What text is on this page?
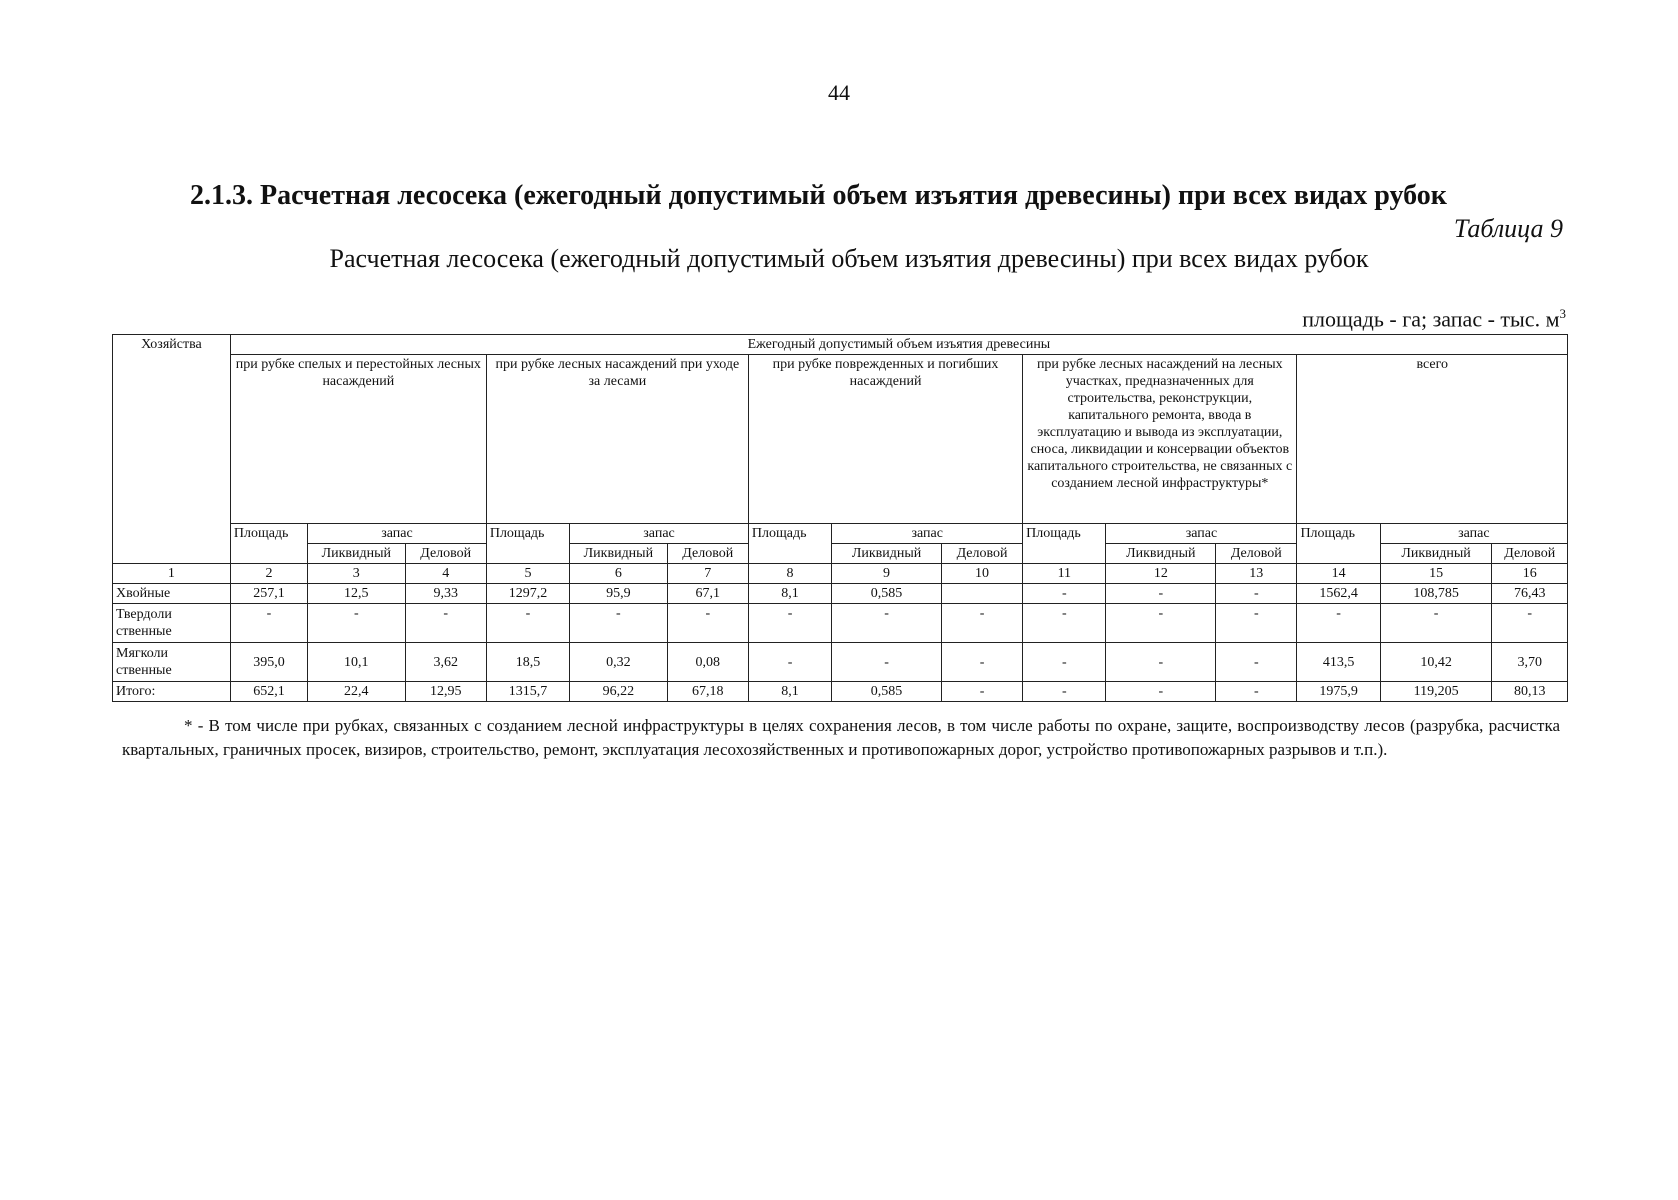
44
2.1.3. Расчетная лесосека (ежегодный допустимый объем изъятия древесины) при всех видах рубок
Таблица 9
Расчетная лесосека (ежегодный допустимый объем изъятия древесины) при всех видах рубок
площадь - га; запас - тыс. $м^3$
Хозяйства	Ежегодный допустимый объем изъятия древесины														
	при рубке спелых и перестойных лесных насаждений			при рубке лесных насаждений при уходе за лесами			при рубке поврежденных и погибших насаждений			при рубке лесных насаждений на лесных участках, предназначенных для строительства, реконструкции, капитального ремонта, ввода в эксплуатацию и вывода из эксплуатации, сноса, ликвидации и консервации объектов капитального строительства, не связанных с созданием лесной инфраструктуры*			всего		
	Площадь	запас		Площадь	запас		Площадь	запас		Площадь	запас		Площадь	запас	
		Ликвидный	Деловой		Ликвидный	Деловой		Ликвидный	Деловой		Ликвидный	Деловой		Ликвидный	Деловой
1	2	3	4	5	6	7	8	9	10	11	12	13	14	15	16
Хвойные	257,1	12,5	9,33	1297,2	95,9	67,1	8,1	0,585		-	-	-	1562,4	108,785	76,43
Твердоли ственные	-	-	-	-	-	-	-	-	-	-	-	-	-	-	-
Мягколи ственные	395,0	10,1	3,62	18,5	0,32	0,08	-	-	-	-	-	-	413,5	10,42	3,70
Итого:	652,1	22,4	12,95	1315,7	96,22	67,18	8,1	0,585	-	-	-	-	1975,9	119,205	80,13
* - В том числе при рубках, связанных с созданием лесной инфраструктуры в целях сохранения лесов, в том числе работы по охране, защите, воспроизводству лесов (разрубка, расчистка квартальных, граничных просек, визиров, строительство, ремонт, эксплуатация лесохозяйственных и противопожарных дорог, устройство противопожарных разрывов и т.п.).
